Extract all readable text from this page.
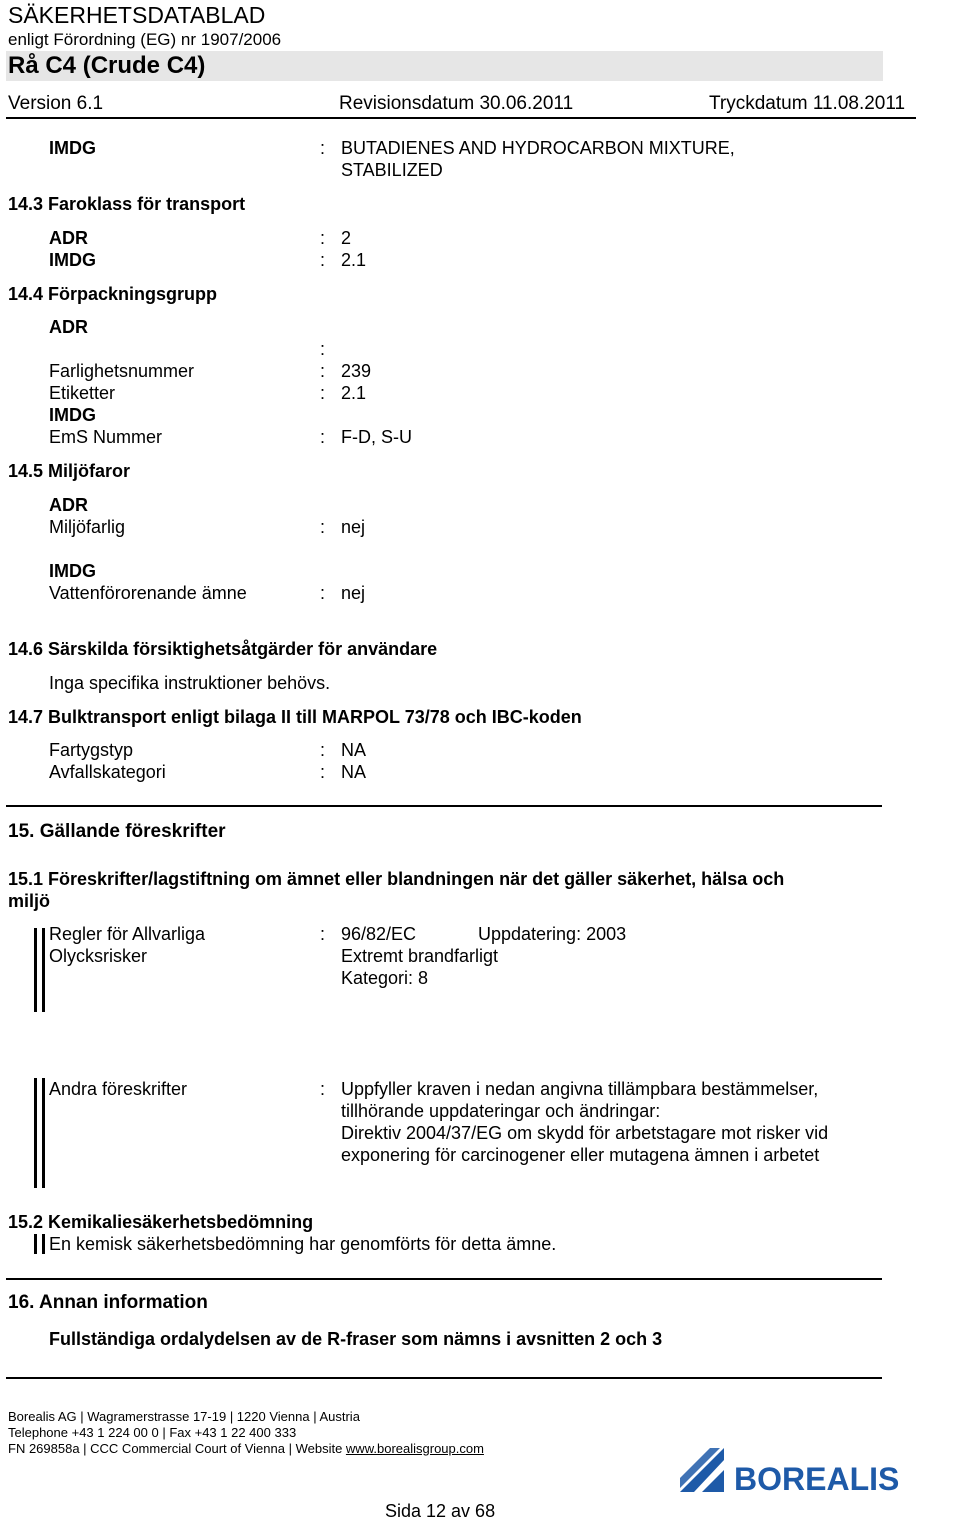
SÄKERHETSDATABLAD
enligt Förordning (EG) nr 1907/2006
Rå C4 (Crude C4)
Version 6.1	Revisionsdatum 30.06.2011	Tryckdatum 11.08.2011
IMDG	: BUTADIENES AND HYDROCARBON MIXTURE,
STABILIZED
14.3 Faroklass för transport
ADR	: 2
IMDG	: 2.1
14.4 Förpackningsgrupp
ADR
:
Farlighetsnummer	: 239
Etiketter	: 2.1
IMDG
EmS Nummer	: F-D, S-U
14.5 Miljöfaror
ADR
Miljöfarlig	: nej
IMDG
Vattenförorenande ämne	: nej
14.6 Särskilda försiktighetsåtgärder för användare
Inga specifika instruktioner behövs.
14.7 Bulktransport enligt bilaga II till MARPOL 73/78 och IBC-koden
Fartygstyp	: NA
Avfallskategori	: NA
15. Gällande föreskrifter
15.1 Föreskrifter/lagstiftning om ämnet eller blandningen när det gäller säkerhet, hälsa och
miljö
Regler för Allvarliga
Olycksrisker
: 96/82/EC	Uppdatering: 2003
Extremt brandfarligt
Kategori: 8
Andra föreskrifter	: Uppfyller kraven i nedan angivna tillämpbara bestämmelser,
tillhörande uppdateringar och ändringar:
Direktiv 2004/37/EG om skydd för arbetstagare mot risker vid
exponering för carcinogener eller mutagena ämnen i arbetet
15.2 Kemikaliesäkerhetsbedömning
En kemisk säkerhetsbedömning har genomförts för detta ämne.
16. Annan information
Fullständiga ordalydelsen av de R-fraser som nämns i avsnitten 2 och 3
Borealis AG | Wagramerstrasse 17-19 | 1220 Vienna | Austria
Telephone +43 1 224 00 0 | Fax +43 1 22 400 333
FN 269858a | CCC Commercial Court of Vienna | Website www.borealisgroup.com
Sida 12 av 68
BOREALIS
